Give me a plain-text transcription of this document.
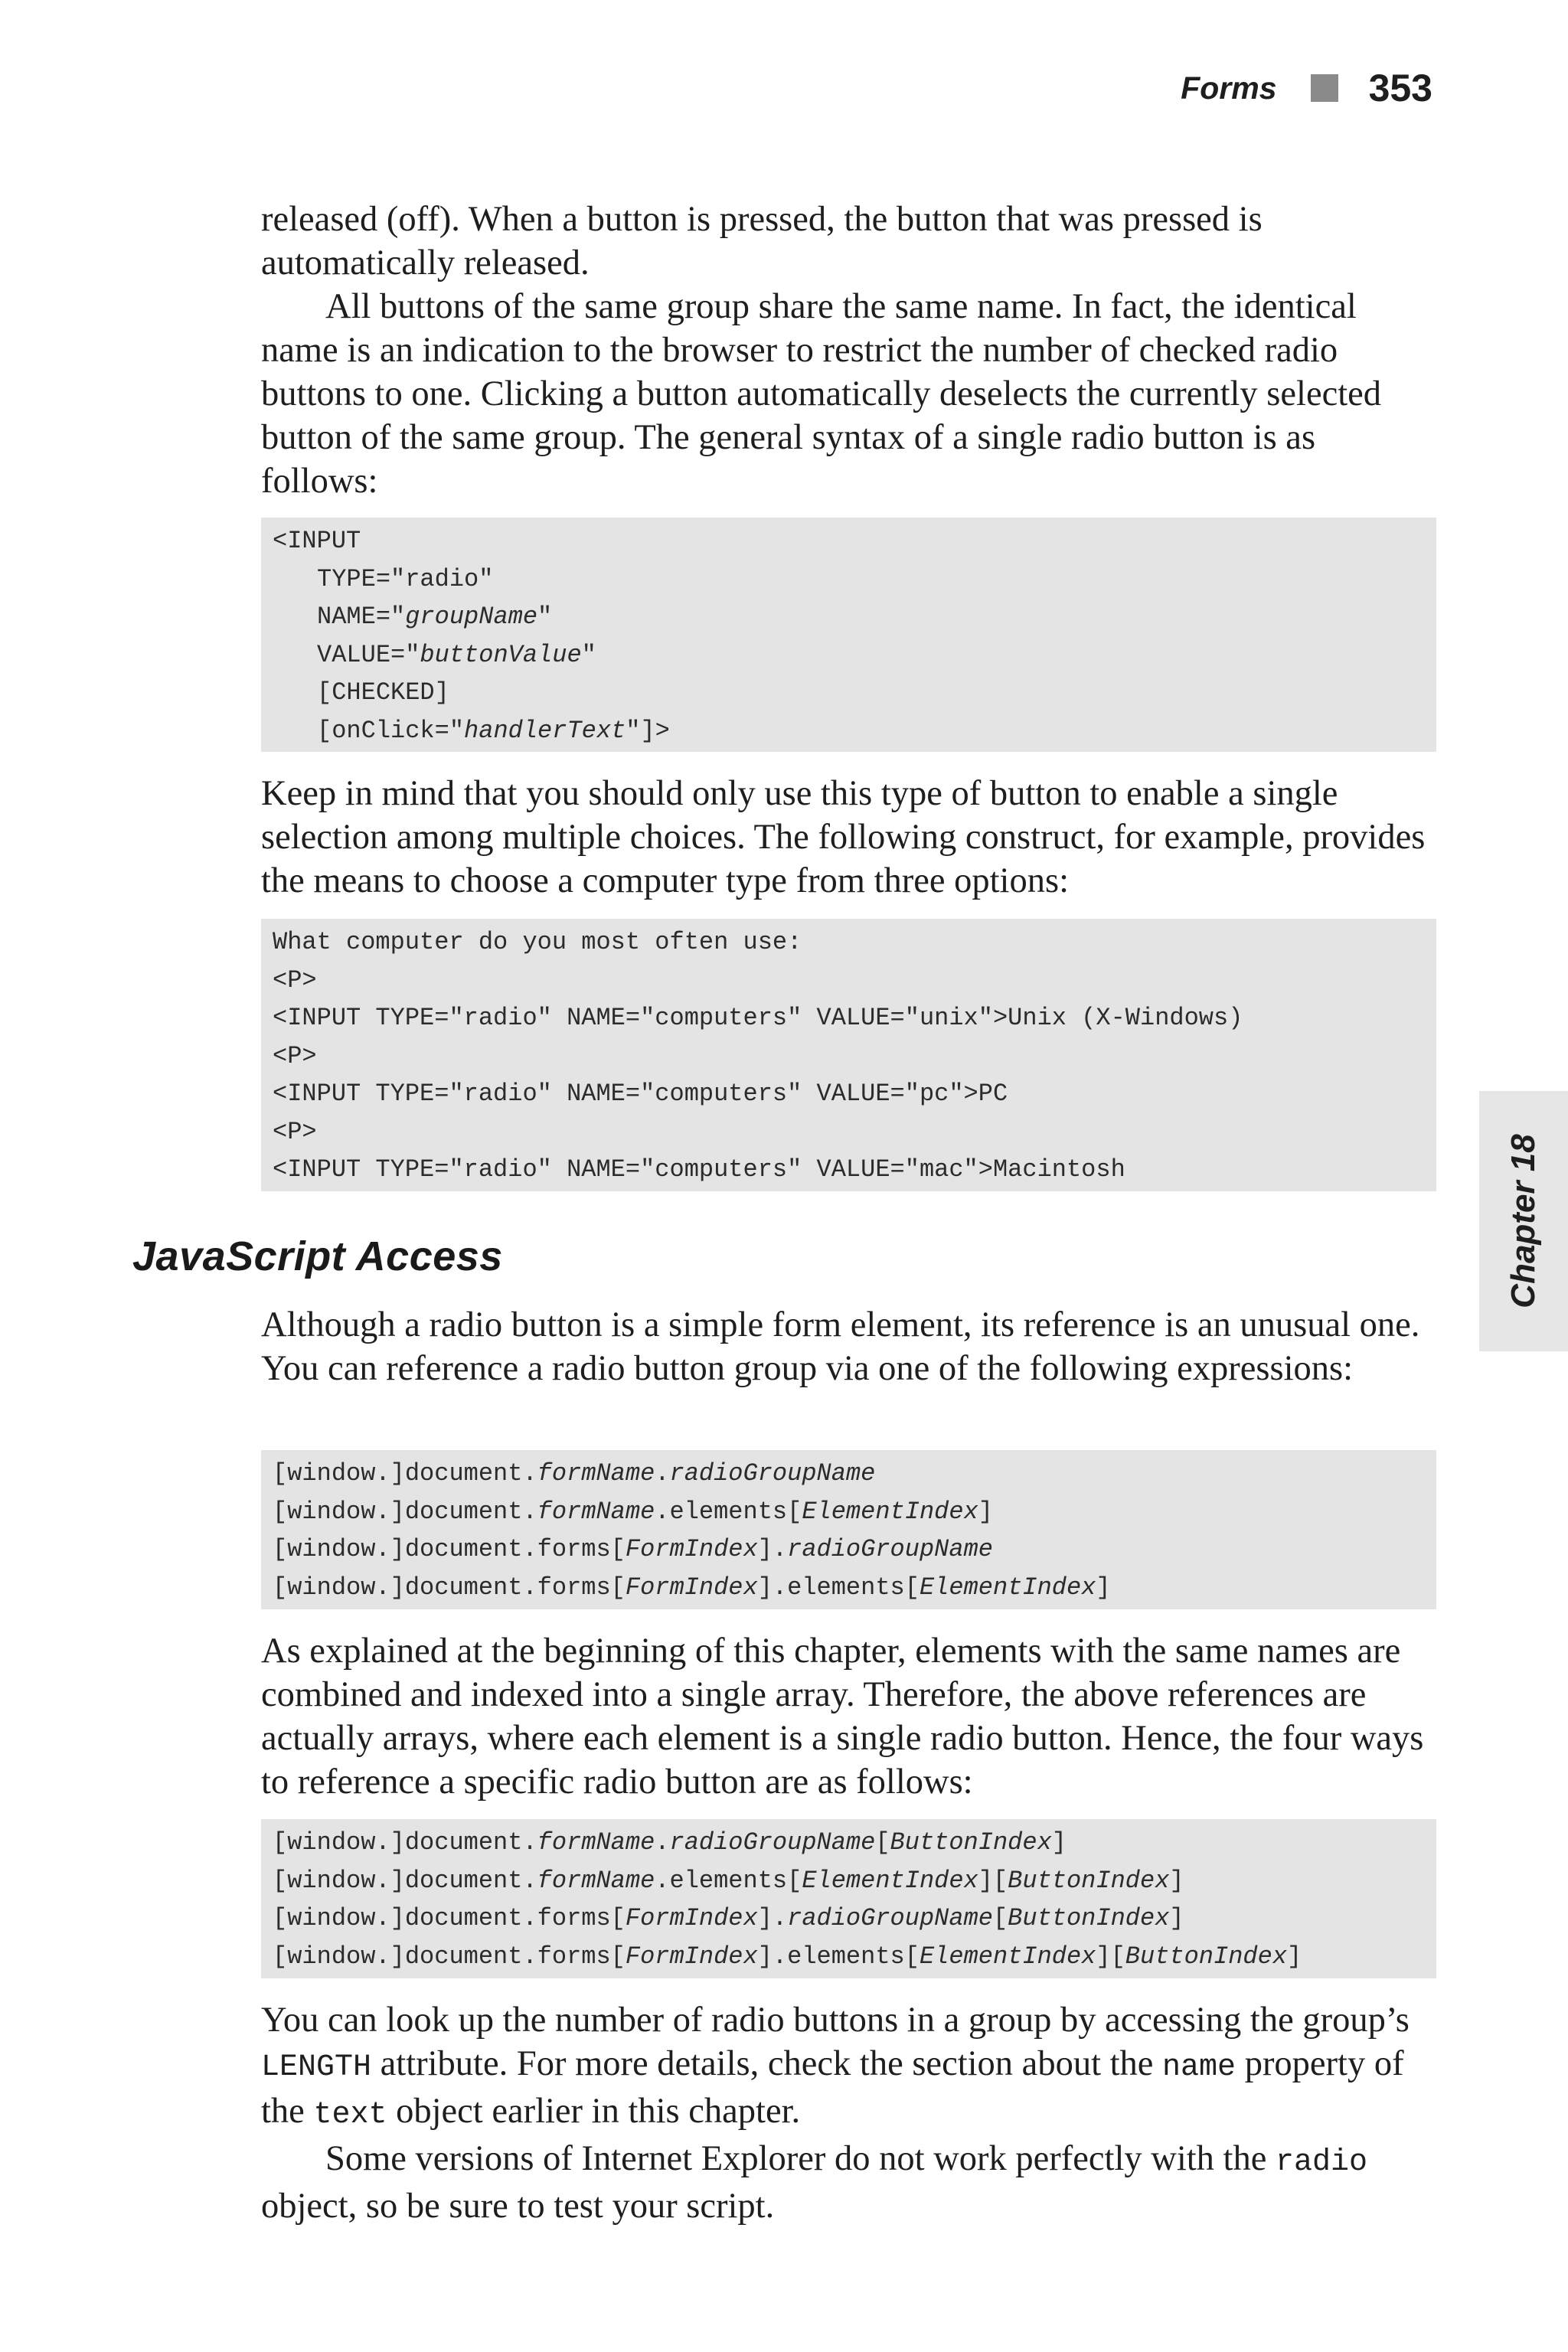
Forms 353
Chapter 18

released (off). When a button is pressed, the button that was pressed is automatically released.

All buttons of the same group share the same name. In fact, the identical name is an indication to the browser to restrict the number of checked radio buttons to one. Clicking a button automatically deselects the currently selected button of the same group. The general syntax of a single radio button is as follows:

<INPUT
TYPE="radio"
NAME="groupName"
VALUE="buttonValue"
[CHECKED]
[onClick="handlerText"]>

Keep in mind that you should only use this type of button to enable a single selection among multiple choices. The following construct, for example, provides the means to choose a computer type from three options:

What computer do you most often use:
<P>
<INPUT TYPE="radio" NAME="computers" VALUE="unix">Unix (X-Windows)
<P>
<INPUT TYPE="radio" NAME="computers" VALUE="pc">PC
<P>
<INPUT TYPE="radio" NAME="computers" VALUE="mac">Macintosh
JavaScript Access

Although a radio button is a simple form element, its reference is an unusual one. You can reference a radio button group via one of the following expressions:

[window.]document.formName.radioGroupName
[window.]document.formName.elements[ElementIndex]
[window.]document.forms[FormIndex].radioGroupName
[window.]document.forms[FormIndex].elements[ElementIndex]

As explained at the beginning of this chapter, elements with the same names are combined and indexed into a single array. Therefore, the above references are actually arrays, where each element is a single radio button. Hence, the four ways to reference a specific radio button are as follows:

[window.]document.formName.radioGroupName[ButtonIndex]
[window.]document.formName.elements[ElementIndex][ButtonIndex]
[window.]document.forms[FormIndex].radioGroupName[ButtonIndex]
[window.]document.forms[FormIndex].elements[ElementIndex][ButtonIndex]

You can look up the number of radio buttons in a group by accessing the group’s LENGTH attribute. For more details, check the section about the name property of the text object earlier in this chapter.

Some versions of Internet Explorer do not work perfectly with the radio object, so be sure to test your script.
